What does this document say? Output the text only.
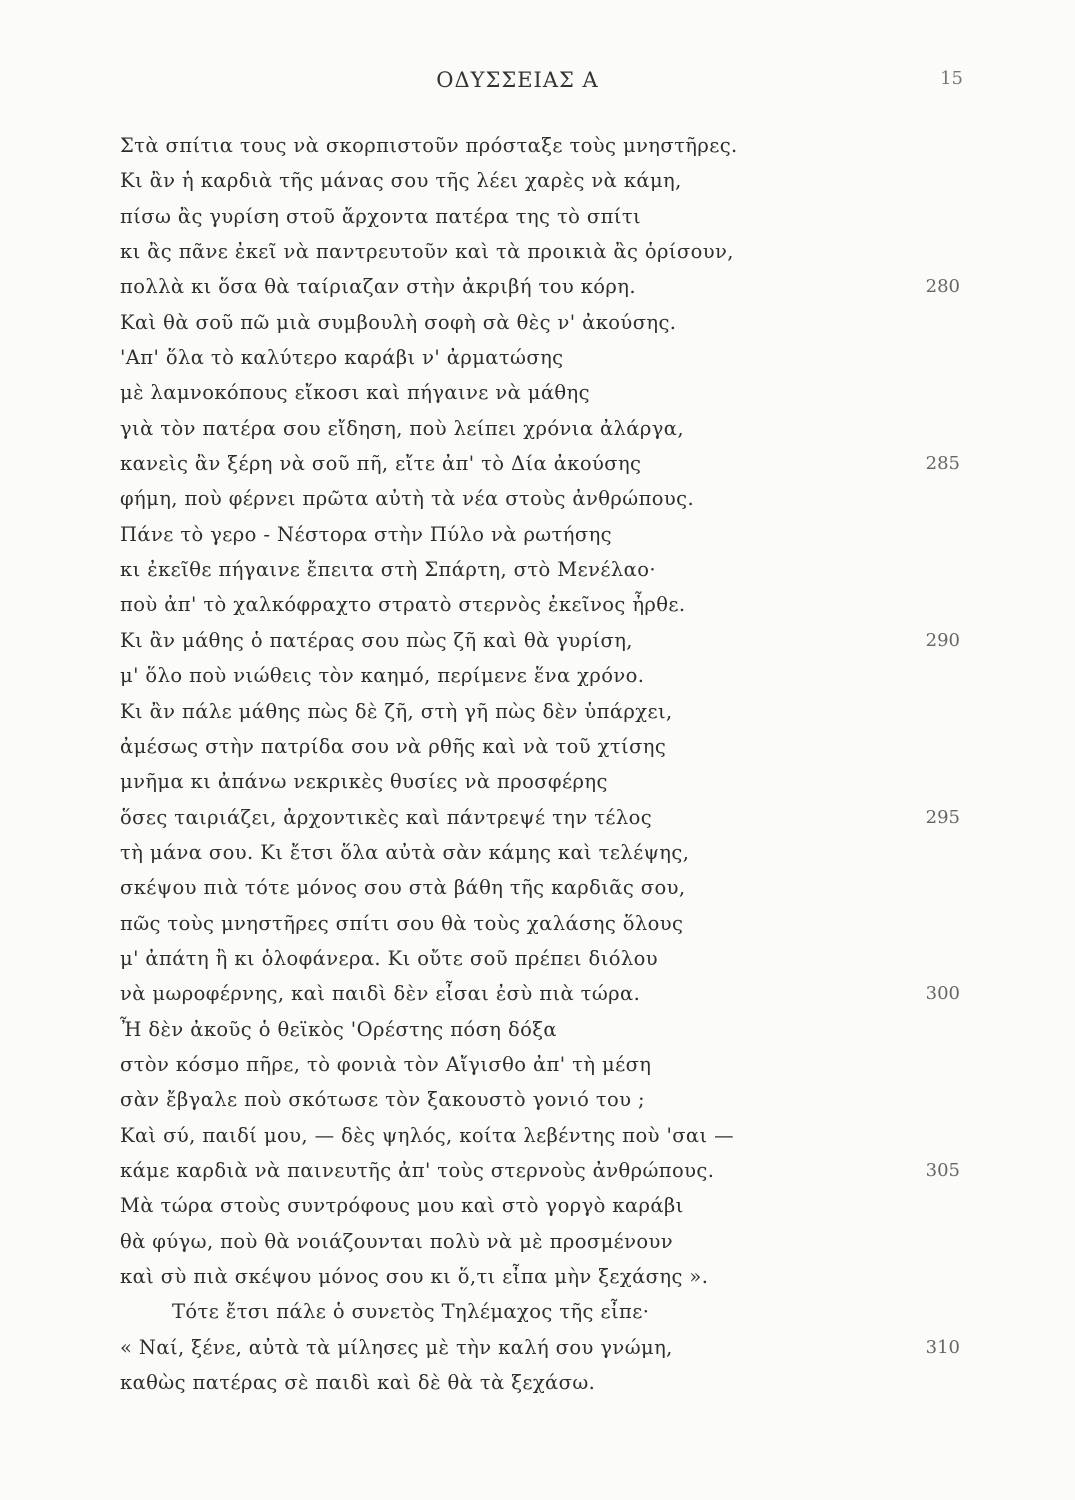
ΟΔΥΣΣΕΙΑΣ Α	15
Στὰ σπίτια τους νὰ σκορπιστοῦν πρόσταξε τοὺς μνηστῆρες.
Κι ἂν ἡ καρδιὰ τῆς μάνας σου τῆς λέει χαρὲς νὰ κάμη,
πίσω ἂς γυρίση στοῦ ἄρχοντα πατέρα της τὸ σπίτι
κι ἂς πᾶνε ἐκεῖ νὰ παντρευτοῦν καὶ τὰ προικιὰ ἂς ὁρίσουν,
πολλὰ κι ὅσα θὰ ταίριαζαν στὴν ἀκριβή του κόρη.	280
Καὶ θὰ σοῦ πῶ μιὰ συμβουλὴ σοφὴ σὰ θὲς ν' ἀκούσης.
'Απ' ὅλα τὸ καλύτερο καράβι ν' ἀρματώσης
μὲ λαμνοκόπους εἴκοσι καὶ πήγαινε νὰ μάθης
γιὰ τὸν πατέρα σου εἴδηση, ποὺ λείπει χρόνια ἀλάργα,
κανεὶς ἂν ξέρη νὰ σοῦ πῆ, εἴτε ἀπ' τὸ Δία ἀκούσης	285
φήμη, ποὺ φέρνει πρῶτα αὐτὴ τὰ νέα στοὺς ἀνθρώπους.
Πάνε τὸ γερο - Νέστορα στὴν Πύλο νὰ ρωτήσης
κι ἐκεῖθε πήγαινε ἔπειτα στὴ Σπάρτη, στὸ Μενέλαο·
ποὺ ἀπ' τὸ χαλκόφραχτο στρατὸ στερνὸς ἐκεῖνος ἦρθε.
Κι ἂν μάθης ὁ πατέρας σου πὼς ζῆ καὶ θὰ γυρίση,	290
μ' ὅλο ποὺ νιώθεις τὸν καημό, περίμενε ἕνα χρόνο.
Κι ἂν πάλε μάθης πὼς δὲ ζῆ, στὴ γῆ πὼς δὲν ὑπάρχει,
ἀμέσως στὴν πατρίδα σου νὰ ρθῆς καὶ νὰ τοῦ χτίσης
μνῆμα κι ἀπάνω νεκρικὲς θυσίες νὰ προσφέρης
ὅσες ταιριάζει, ἀρχοντικὲς καὶ πάντρεψέ την τέλος	295
τὴ μάνα σου. Κι ἔτσι ὅλα αὐτὰ σὰν κάμης καὶ τελέψης,
σκέψου πιὰ τότε μόνος σου στὰ βάθη τῆς καρδιᾶς σου,
πῶς τοὺς μνηστῆρες σπίτι σου θὰ τοὺς χαλάσης ὅλους
μ' ἀπάτη ἢ κι ὁλοφάνερα. Κι οὔτε σοῦ πρέπει διόλου
νὰ μωροφέρνης, καὶ παιδὶ δὲν εἶσαι ἐσὺ πιὰ τώρα.	300
Ἦ δὲν ἀκοῦς ὁ θεϊκὸς 'Ορέστης πόση δόξα
στὸν κόσμο πῆρε, τὸ φονιὰ τὸν Αἴγισθο ἀπ' τὴ μέση
σὰν ἔβγαλε ποὺ σκότωσε τὸν ξακουστὸ γονιό του ;
Καὶ σύ, παιδί μου, — δὲς ψηλός, κοίτα λεβέντης ποὺ 'σαι —
κάμε καρδιὰ νὰ παινευτῆς ἀπ' τοὺς στερνοὺς ἀνθρώπους.	305
Μὰ τώρα στοὺς συντρόφους μου καὶ στὸ γοργὸ καράβι
θὰ φύγω, ποὺ θὰ νοιάζουνται πολὺ νὰ μὲ προσμένουν
καὶ σὺ πιὰ σκέψου μόνος σου κι ὅ,τι εἶπα μὴν ξεχάσης ».
Τότε ἔτσι πάλε ὁ συνετὸς Τηλέμαχος τῆς εἶπε·
« Ναί, ξένε, αὐτὰ τὰ μίλησες μὲ τὴν καλή σου γνώμη,	310
καθὼς πατέρας σὲ παιδὶ καὶ δὲ θὰ τὰ ξεχάσω.
